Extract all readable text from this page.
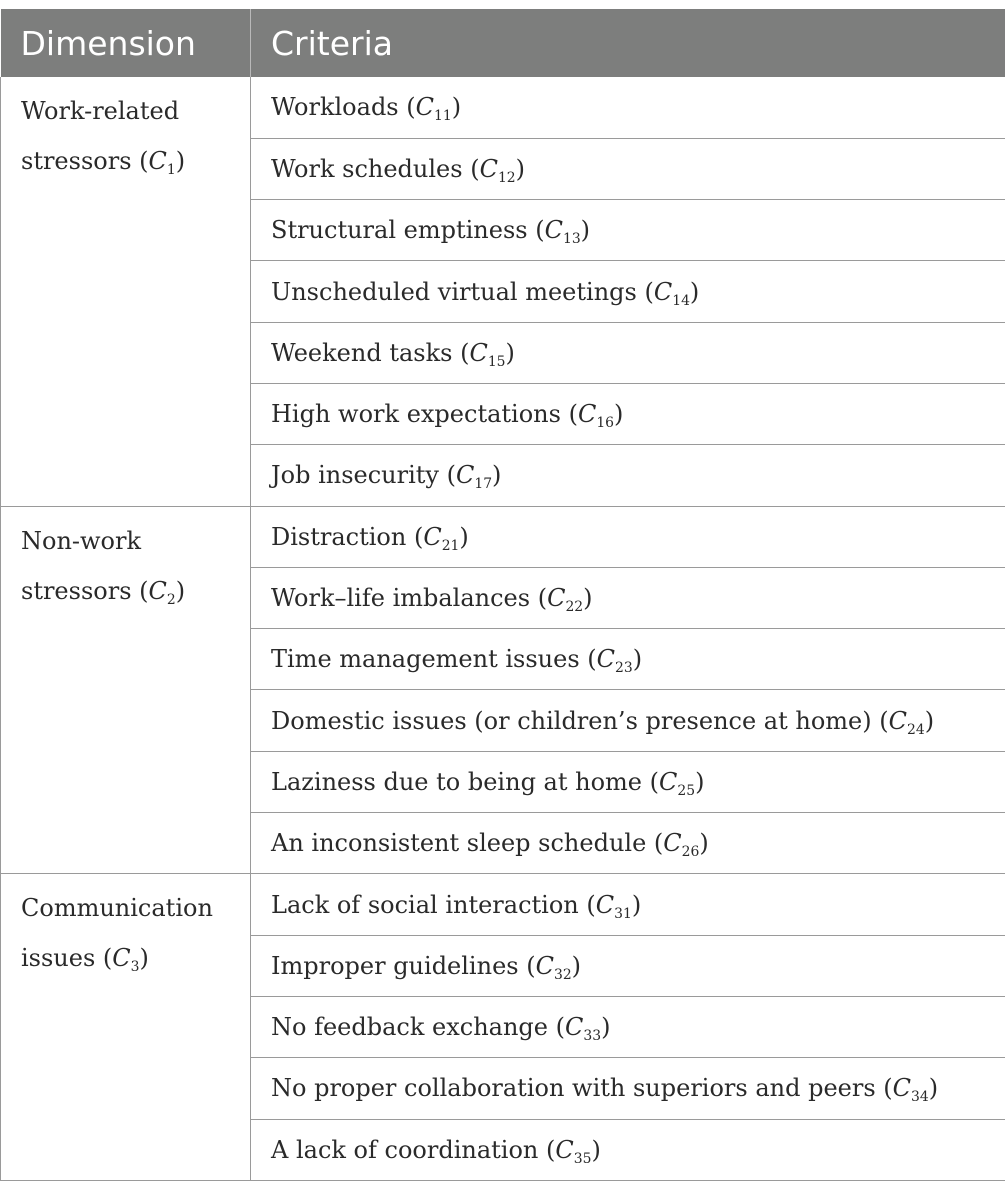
Dimension	Criteria
Work-related stressors $(C_1)$	Workloads $(C_{11})$
	Work schedules $(C_{12})$
	Structural emptiness $(C_{13})$
	Unscheduled virtual meetings $(C_{14})$
	Weekend tasks $(C_{15})$
	High work expectations $(C_{16})$
	Job insecurity $(C_{17})$
Non-work stressors $(C_2)$	Distraction $(C_{21})$
	Work–life imbalances $(C_{22})$
	Time management issues $(C_{23})$
	Domestic issues (or children’s presence at home) $(C_{24})$
	Laziness due to being at home $(C_{25})$
	An inconsistent sleep schedule $(C_{26})$
Communication issues $(C_3)$	Lack of social interaction $(C_{31})$
	Improper guidelines $(C_{32})$
	No feedback exchange $(C_{33})$
	No proper collaboration with superiors and peers $(C_{34})$
	A lack of coordination $(C_{35})$
